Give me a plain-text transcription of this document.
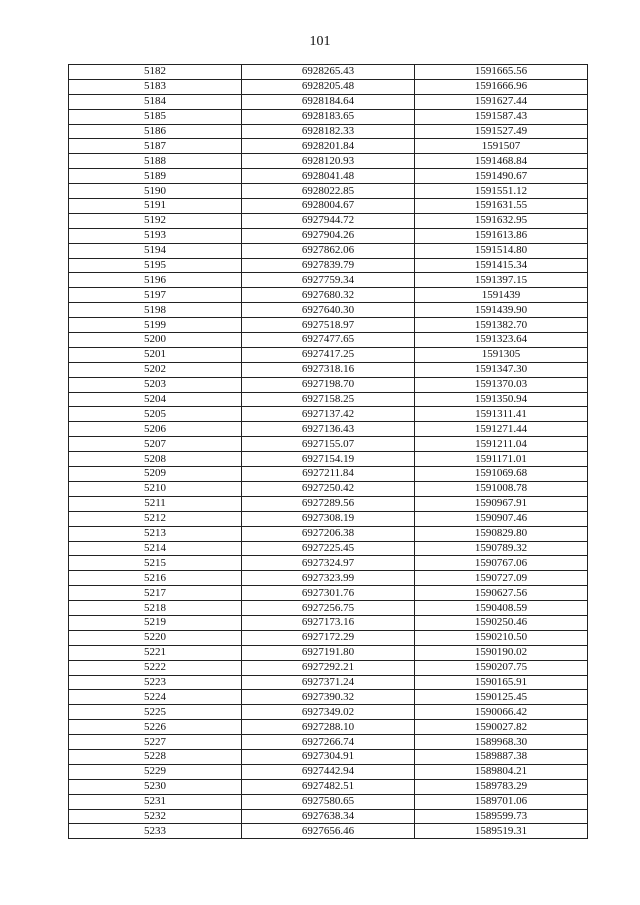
101
5182	6928265.43	1591665.56
5183	6928205.48	1591666.96
5184	6928184.64	1591627.44
5185	6928183.65	1591587.43
5186	6928182.33	1591527.49
5187	6928201.84	1591507
5188	6928120.93	1591468.84
5189	6928041.48	1591490.67
5190	6928022.85	1591551.12
5191	6928004.67	1591631.55
5192	6927944.72	1591632.95
5193	6927904.26	1591613.86
5194	6927862.06	1591514.80
5195	6927839.79	1591415.34
5196	6927759.34	1591397.15
5197	6927680.32	1591439
5198	6927640.30	1591439.90
5199	6927518.97	1591382.70
5200	6927477.65	1591323.64
5201	6927417.25	1591305
5202	6927318.16	1591347.30
5203	6927198.70	1591370.03
5204	6927158.25	1591350.94
5205	6927137.42	1591311.41
5206	6927136.43	1591271.44
5207	6927155.07	1591211.04
5208	6927154.19	1591171.01
5209	6927211.84	1591069.68
5210	6927250.42	1591008.78
5211	6927289.56	1590967.91
5212	6927308.19	1590907.46
5213	6927206.38	1590829.80
5214	6927225.45	1590789.32
5215	6927324.97	1590767.06
5216	6927323.99	1590727.09
5217	6927301.76	1590627.56
5218	6927256.75	1590408.59
5219	6927173.16	1590250.46
5220	6927172.29	1590210.50
5221	6927191.80	1590190.02
5222	6927292.21	1590207.75
5223	6927371.24	1590165.91
5224	6927390.32	1590125.45
5225	6927349.02	1590066.42
5226	6927288.10	1590027.82
5227	6927266.74	1589968.30
5228	6927304.91	1589887.38
5229	6927442.94	1589804.21
5230	6927482.51	1589783.29
5231	6927580.65	1589701.06
5232	6927638.34	1589599.73
5233	6927656.46	1589519.31
